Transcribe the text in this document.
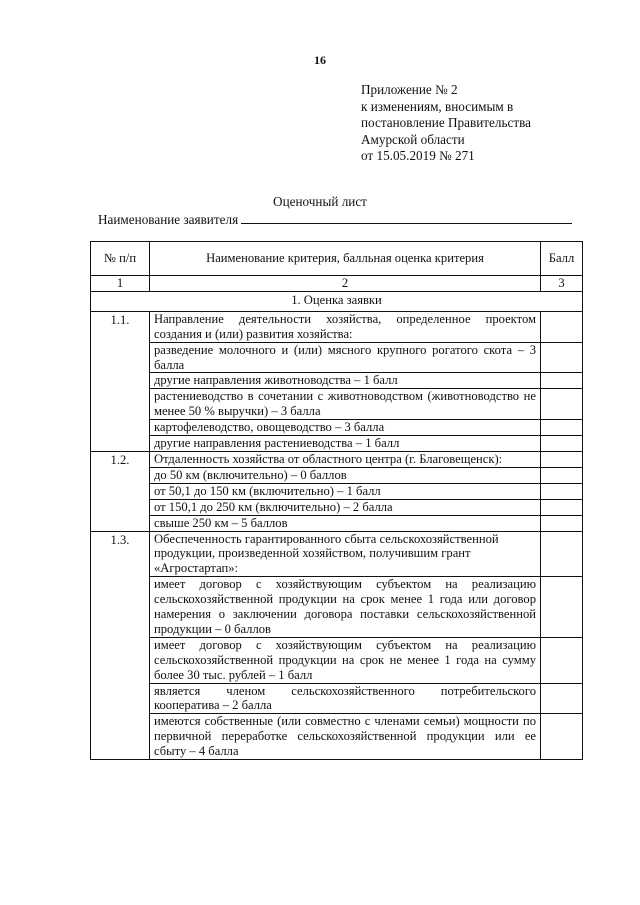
16
Приложение № 2
к изменениям, вносимым в
постановление Правительства
Амурской области
от 15.05.2019 № 271
Оценочный лист
Наименование заявителя
№ п/п	Наименование критерия, балльная оценка критерия	Балл
1	2	3
1. Оценка заявки		
1.1.	Направление деятельности хозяйства, определенное проектом создания и (или) развития хозяйства:	
	разведение молочного и (или) мясного крупного рогатого скота – 3 балла	
	другие направления животноводства – 1 балл	
	растениеводство в сочетании с животноводством (животноводство не менее 50 % выручки) – 3 балла	
	картофелеводство, овощеводство – 3 балла	
	другие направления растениеводства – 1 балл	
1.2.	Отдаленность хозяйства от областного центра (г. Благовещенск):	
	до 50 км (включительно) – 0 баллов	
	от 50,1 до 150 км (включительно) – 1 балл	
	от 150,1 до 250 км (включительно) – 2 балла	
	свыше 250 км – 5 баллов	
1.3.	Обеспеченность гарантированного сбыта сельскохозяйственной продукции, произведенной хозяйством, получившим грант «Агростартап»:	
	имеет договор с хозяйствующим субъектом на реализацию сельскохозяйственной продукции на срок менее 1 года или договор намерения о заключении договора поставки сельскохозяйственной продукции – 0 баллов	
	имеет договор с хозяйствующим субъектом на реализацию сельскохозяйственной продукции на срок не менее 1 года на сумму более 30 тыс. рублей – 1 балл	
	является членом сельскохозяйственного потребительского кооператива – 2 балла	
	имеются собственные (или совместно с членами семьи) мощности по первичной переработке сельскохозяйственной продукции или ее сбыту – 4 балла	
